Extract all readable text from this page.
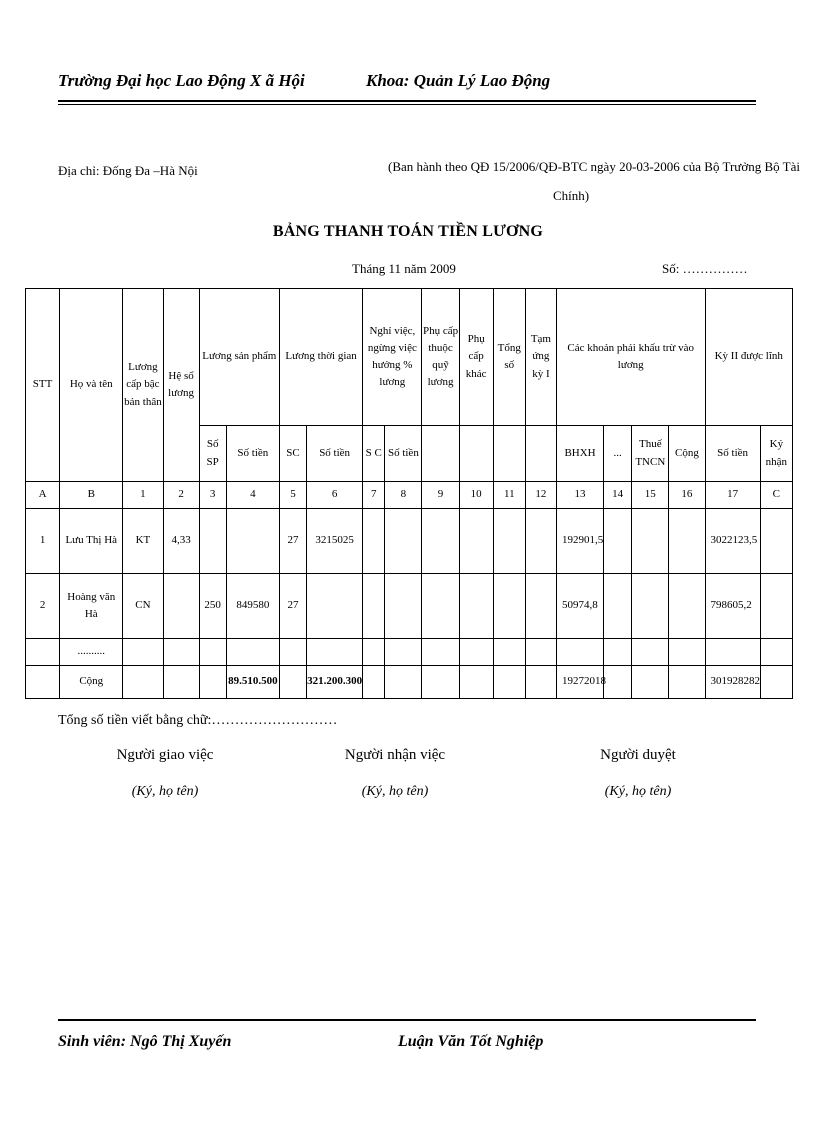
Trường Đại học Lao Động X ã Hội	Khoa: Quản Lý Lao Động
Địa chỉ: Đống Đa –Hà Nội	(Ban hành theo QĐ 15/2006/QĐ-BTC ngày 20-03-2006 của Bộ Trưởng Bộ Tài
Chính)
BẢNG THANH TOÁN TIỀN LƯƠNG
Tháng 11 năm 2009	Số: ……………
STT	Họ và tên	Lương cấp bậc bản thân	Hệ số lương	Lương sản phẩm		Lương thời gian		Nghỉ việc, ngừng việc hưởng % lương		Phụ cấp thuộc quỹ lương	Phụ cấp khác	Tổng số	Tạm ứng kỳ I	Các khoản phải khấu trừ vào lương				Kỳ II được lĩnh	
				Số SP	Số tiền	SC	Số tiền	S C	Số tiền					BHXH	...	Thuế TNCN	Cộng	Số tiền	Ký nhận
A	B	1	2	3	4	5	6	7	8	9	10	11	12	13	14	15	16	17	C
1	Lưu Thị Hà	KT	4,33			27	3215025							192901,5				3022123,5	
2	Hoàng văn Hà	CN		250	849580	27								50974,8				798605,2	
	..........																		
	Cộng				89.510.500		321.200.300							19272018				301928282	
Tổng số tiền viết bằng chữ:………………………
Người giao việc
(Ký, họ tên)
Người nhận việc
(Ký, họ tên)
Người duyệt
(Ký, họ tên)
Sinh viên: Ngô Thị Xuyến	Luận Văn Tốt Nghiệp
